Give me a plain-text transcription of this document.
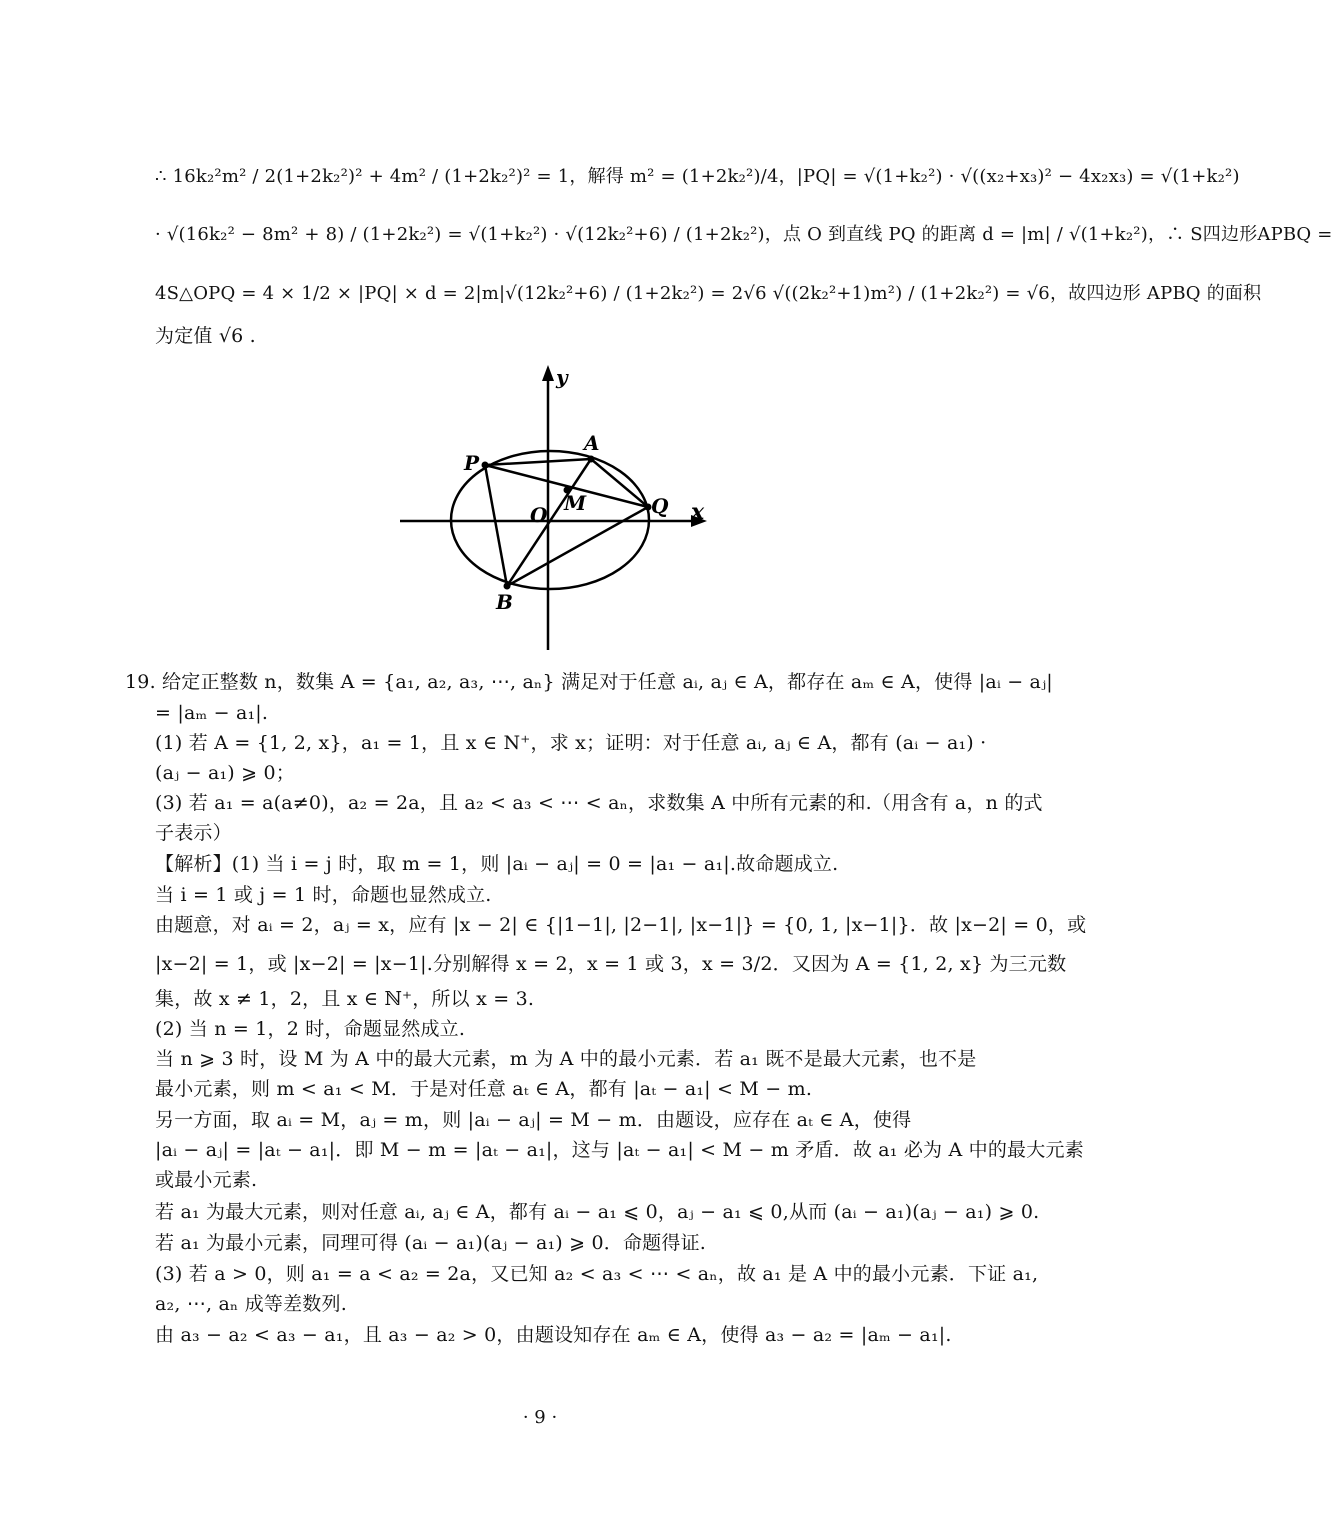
∴ 16k₂²m² / 2(1+2k₂²)² + 4m² / (1+2k₂²)² = 1，解得 m² = (1+2k₂²)/4，|PQ| = √(1+k₂²) · √((x₂+x₃)² − 4x₂x₃) = √(1+k₂²)
· √(16k₂² − 8m² + 8) / (1+2k₂²) = √(1+k₂²) · √(12k₂²+6) / (1+2k₂²)，点 O 到直线 PQ 的距离 d = |m| / √(1+k₂²)，∴ S四边形APBQ =
4S△OPQ = 4 × 1/2 × |PQ| × d = 2|m|√(12k₂²+6) / (1+2k₂²) = 2√6 √((2k₂²+1)m²) / (1+2k₂²) = √6，故四边形 APBQ 的面积
为定值 √6 .
y
x
O
P
A
M	Q
B
19. 给定正整数 n，数集 A = {a₁, a₂, a₃, ⋯, aₙ} 满足对于任意 aᵢ, aⱼ ∈ A，都存在 aₘ ∈ A，使得 |aᵢ − aⱼ|
= |aₘ − a₁|.
(1) 若 A = {1, 2, x}，a₁ = 1，且 x ∈ N⁺，求 x；证明：对于任意 aᵢ, aⱼ ∈ A，都有 (aᵢ − a₁) ·
(aⱼ − a₁) ⩾ 0；
(3) 若 a₁ = a(a≠0)，a₂ = 2a，且 a₂ < a₃ < ⋯ < aₙ，求数集 A 中所有元素的和.（用含有 a，n 的式
子表示）
【解析】(1) 当 i = j 时，取 m = 1，则 |aᵢ − aⱼ| = 0 = |a₁ − a₁|.故命题成立.
当 i = 1 或 j = 1 时，命题也显然成立.
由题意，对 aᵢ = 2，aⱼ = x，应有 |x − 2| ∈ {|1−1|, |2−1|, |x−1|} = {0, 1, |x−1|}．故 |x−2| = 0，或
|x−2| = 1，或 |x−2| = |x−1|.分别解得 x = 2，x = 1 或 3，x = 3/2．又因为 A = {1, 2, x} 为三元数
集，故 x ≠ 1，2，且 x ∈ ℕ⁺，所以 x = 3.
(2) 当 n = 1，2 时，命题显然成立.
当 n ⩾ 3 时，设 M 为 A 中的最大元素，m 为 A 中的最小元素．若 a₁ 既不是最大元素，也不是
最小元素，则 m < a₁ < M．于是对任意 aₜ ∈ A，都有 |aₜ − a₁| < M − m.
另一方面，取 aᵢ = M，aⱼ = m，则 |aᵢ − aⱼ| = M − m．由题设，应存在 aₜ ∈ A，使得
|aᵢ − aⱼ| = |aₜ − a₁|．即 M − m = |aₜ − a₁|，这与 |aₜ − a₁| < M − m 矛盾．故 a₁ 必为 A 中的最大元素
或最小元素.
若 a₁ 为最大元素，则对任意 aᵢ, aⱼ ∈ A，都有 aᵢ − a₁ ⩽ 0，aⱼ − a₁ ⩽ 0,从而 (aᵢ − a₁)(aⱼ − a₁) ⩾ 0.
若 a₁ 为最小元素，同理可得 (aᵢ − a₁)(aⱼ − a₁) ⩾ 0．命题得证.
(3) 若 a > 0，则 a₁ = a < a₂ = 2a，又已知 a₂ < a₃ < ⋯ < aₙ，故 a₁ 是 A 中的最小元素．下证 a₁,
a₂, ⋯, aₙ 成等差数列.
由 a₃ − a₂ < a₃ − a₁，且 a₃ − a₂ > 0，由题设知存在 aₘ ∈ A，使得 a₃ − a₂ = |aₘ − a₁|.
· 9 ·
